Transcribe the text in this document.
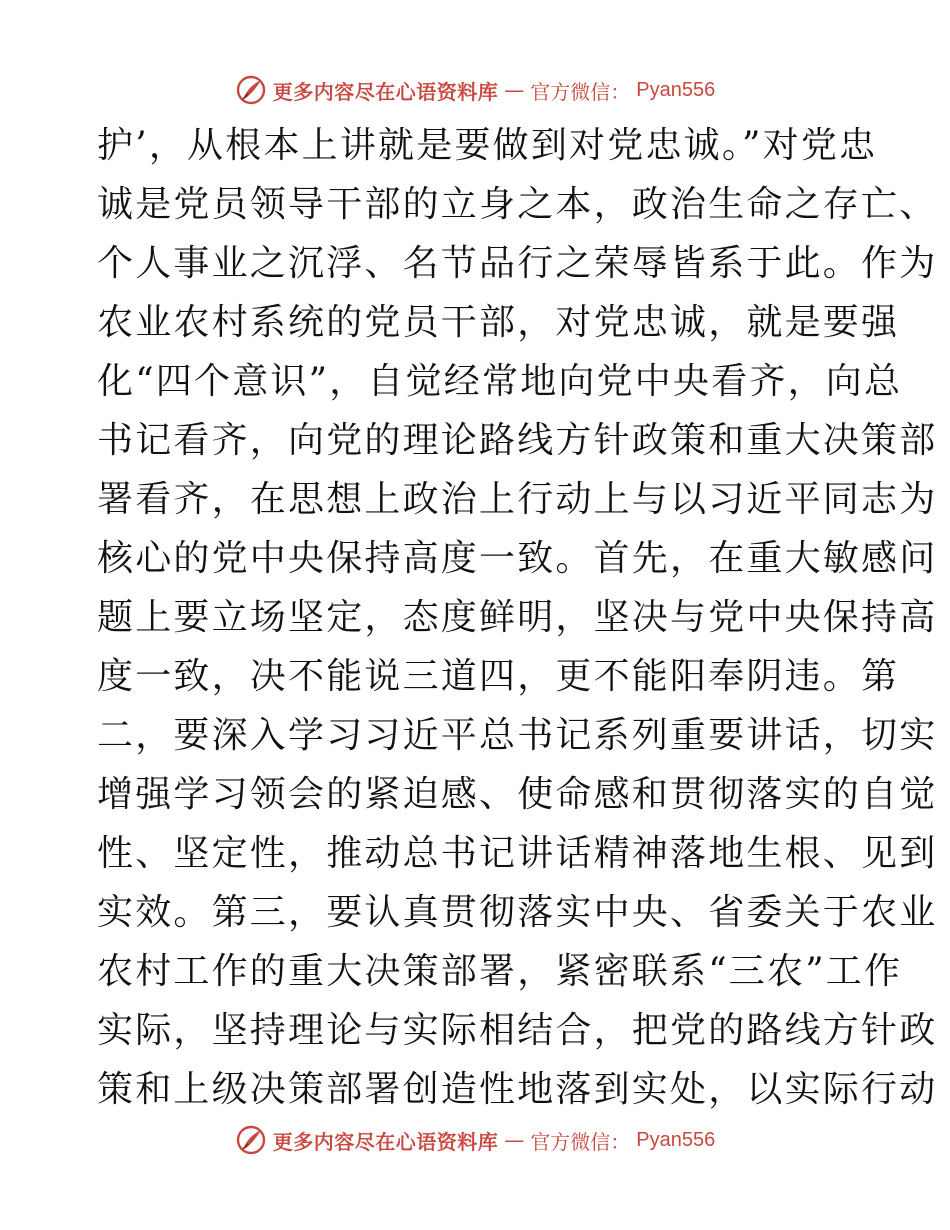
更多内容尽在心语资料库 — 官方微信： Pyan556
护’，从根本上讲就是要做到对党忠诚。”对党忠
诚是党员领导干部的立身之本，政治生命之存亡、
个人事业之沉浮、名节品行之荣辱皆系于此。作为
农业农村系统的党员干部，对党忠诚，就是要强
化“四个意识”，自觉经常地向党中央看齐，向总
书记看齐，向党的理论路线方针政策和重大决策部
署看齐，在思想上政治上行动上与以习近平同志为
核心的党中央保持高度一致。首先，在重大敏感问
题上要立场坚定，态度鲜明，坚决与党中央保持高
度一致，决不能说三道四，更不能阳奉阴违。第
二，要深入学习习近平总书记系列重要讲话，切实
增强学习领会的紧迫感、使命感和贯彻落实的自觉
性、坚定性，推动总书记讲话精神落地生根、见到
实效。第三，要认真贯彻落实中央、省委关于农业
农村工作的重大决策部署，紧密联系“三农”工作
实际，坚持理论与实际相结合，把党的路线方针政
策和上级决策部署创造性地落到实处，以实际行动
更多内容尽在心语资料库 — 官方微信： Pyan556
